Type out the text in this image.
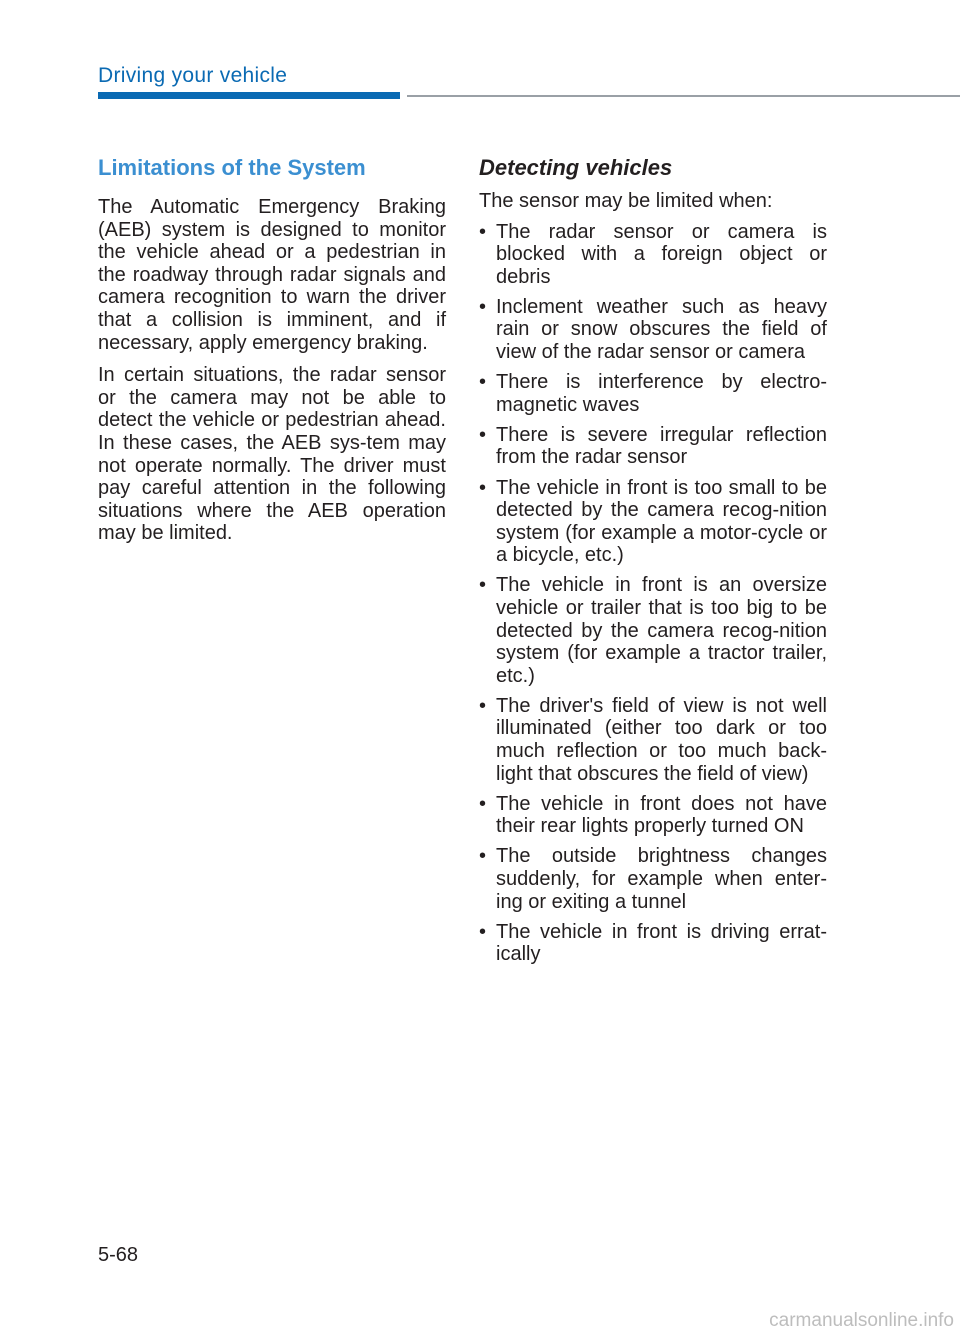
Driving your vehicle
Limitations of the System

The Automatic Emergency Braking (AEB) system is designed to monitor the vehicle ahead or a pedestrian in the roadway through radar signals and camera recognition to warn the driver that a collision is imminent, and if necessary, apply emergency braking.

In certain situations, the radar sensor or the camera may not be able to detect the vehicle or pedestrian ahead. In these cases, the AEB sys-tem may not operate normally. The driver must pay careful attention in the following situations where the AEB operation may be limited.

Detecting vehicles

The sensor may be limited when:

• The radar sensor or camera is blocked with a foreign object or debris
• Inclement weather such as heavy rain or snow obscures the field of view of the radar sensor or camera
• There is interference by electro-magnetic waves
• There is severe irregular reflection from the radar sensor
• The vehicle in front is too small to be detected by the camera recog-nition system (for example a motor-cycle or a bicycle, etc.)
• The vehicle in front is an oversize vehicle or trailer that is too big to be detected by the camera recog-nition system (for example a tractor trailer, etc.)
• The driver's field of view is not well illuminated (either too dark or too much reflection or too much back-light that obscures the field of view)
• The vehicle in front does not have their rear lights properly turned ON
• The outside brightness changes suddenly, for example when enter-ing or exiting a tunnel
• The vehicle in front is driving errat-ically
5-68
carmanualsonline.info
